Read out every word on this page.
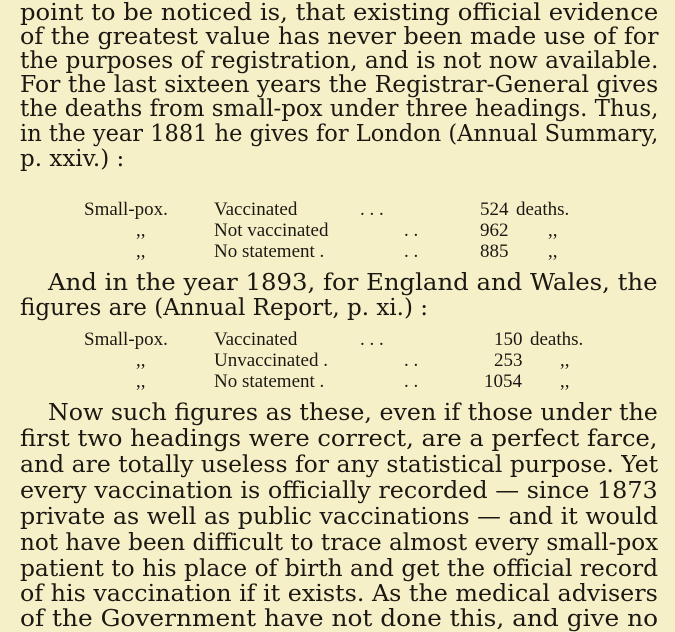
point to be noticed is, that existing official evidence
of the greatest value has never been made use of for
the purposes of registration, and is not now available.
For the last sixteen years the Registrar-General gives
the deaths from small-pox under three headings. Thus,
in the year 1881 he gives for London (Annual Summary,
p. xxiv.) :
Small-pox. Vaccinated	. . .	524 deaths.
,,	Not vaccinated	. .	962 ,,
,,	No statement .	. .	885 ,,
And in the year 1893, for England and Wales, the
figures are (Annual Report, p. xi.) :
Small-pox. Vaccinated	. . .	150 deaths.
,,	Unvaccinated .	. .	253 ,,
,,	No statement .	. .	1054 ,,
Now such figures as these, even if those under the
first two headings were correct, are a perfect farce,
and are totally useless for any statistical purpose. Yet
every vaccination is officially recorded — since 1873
private as well as public vaccinations — and it would
not have been difficult to trace almost every small-pox
patient to his place of birth and get the official record
of his vaccination if it exists. As the medical advisers
of the Government have not done this, and give no
